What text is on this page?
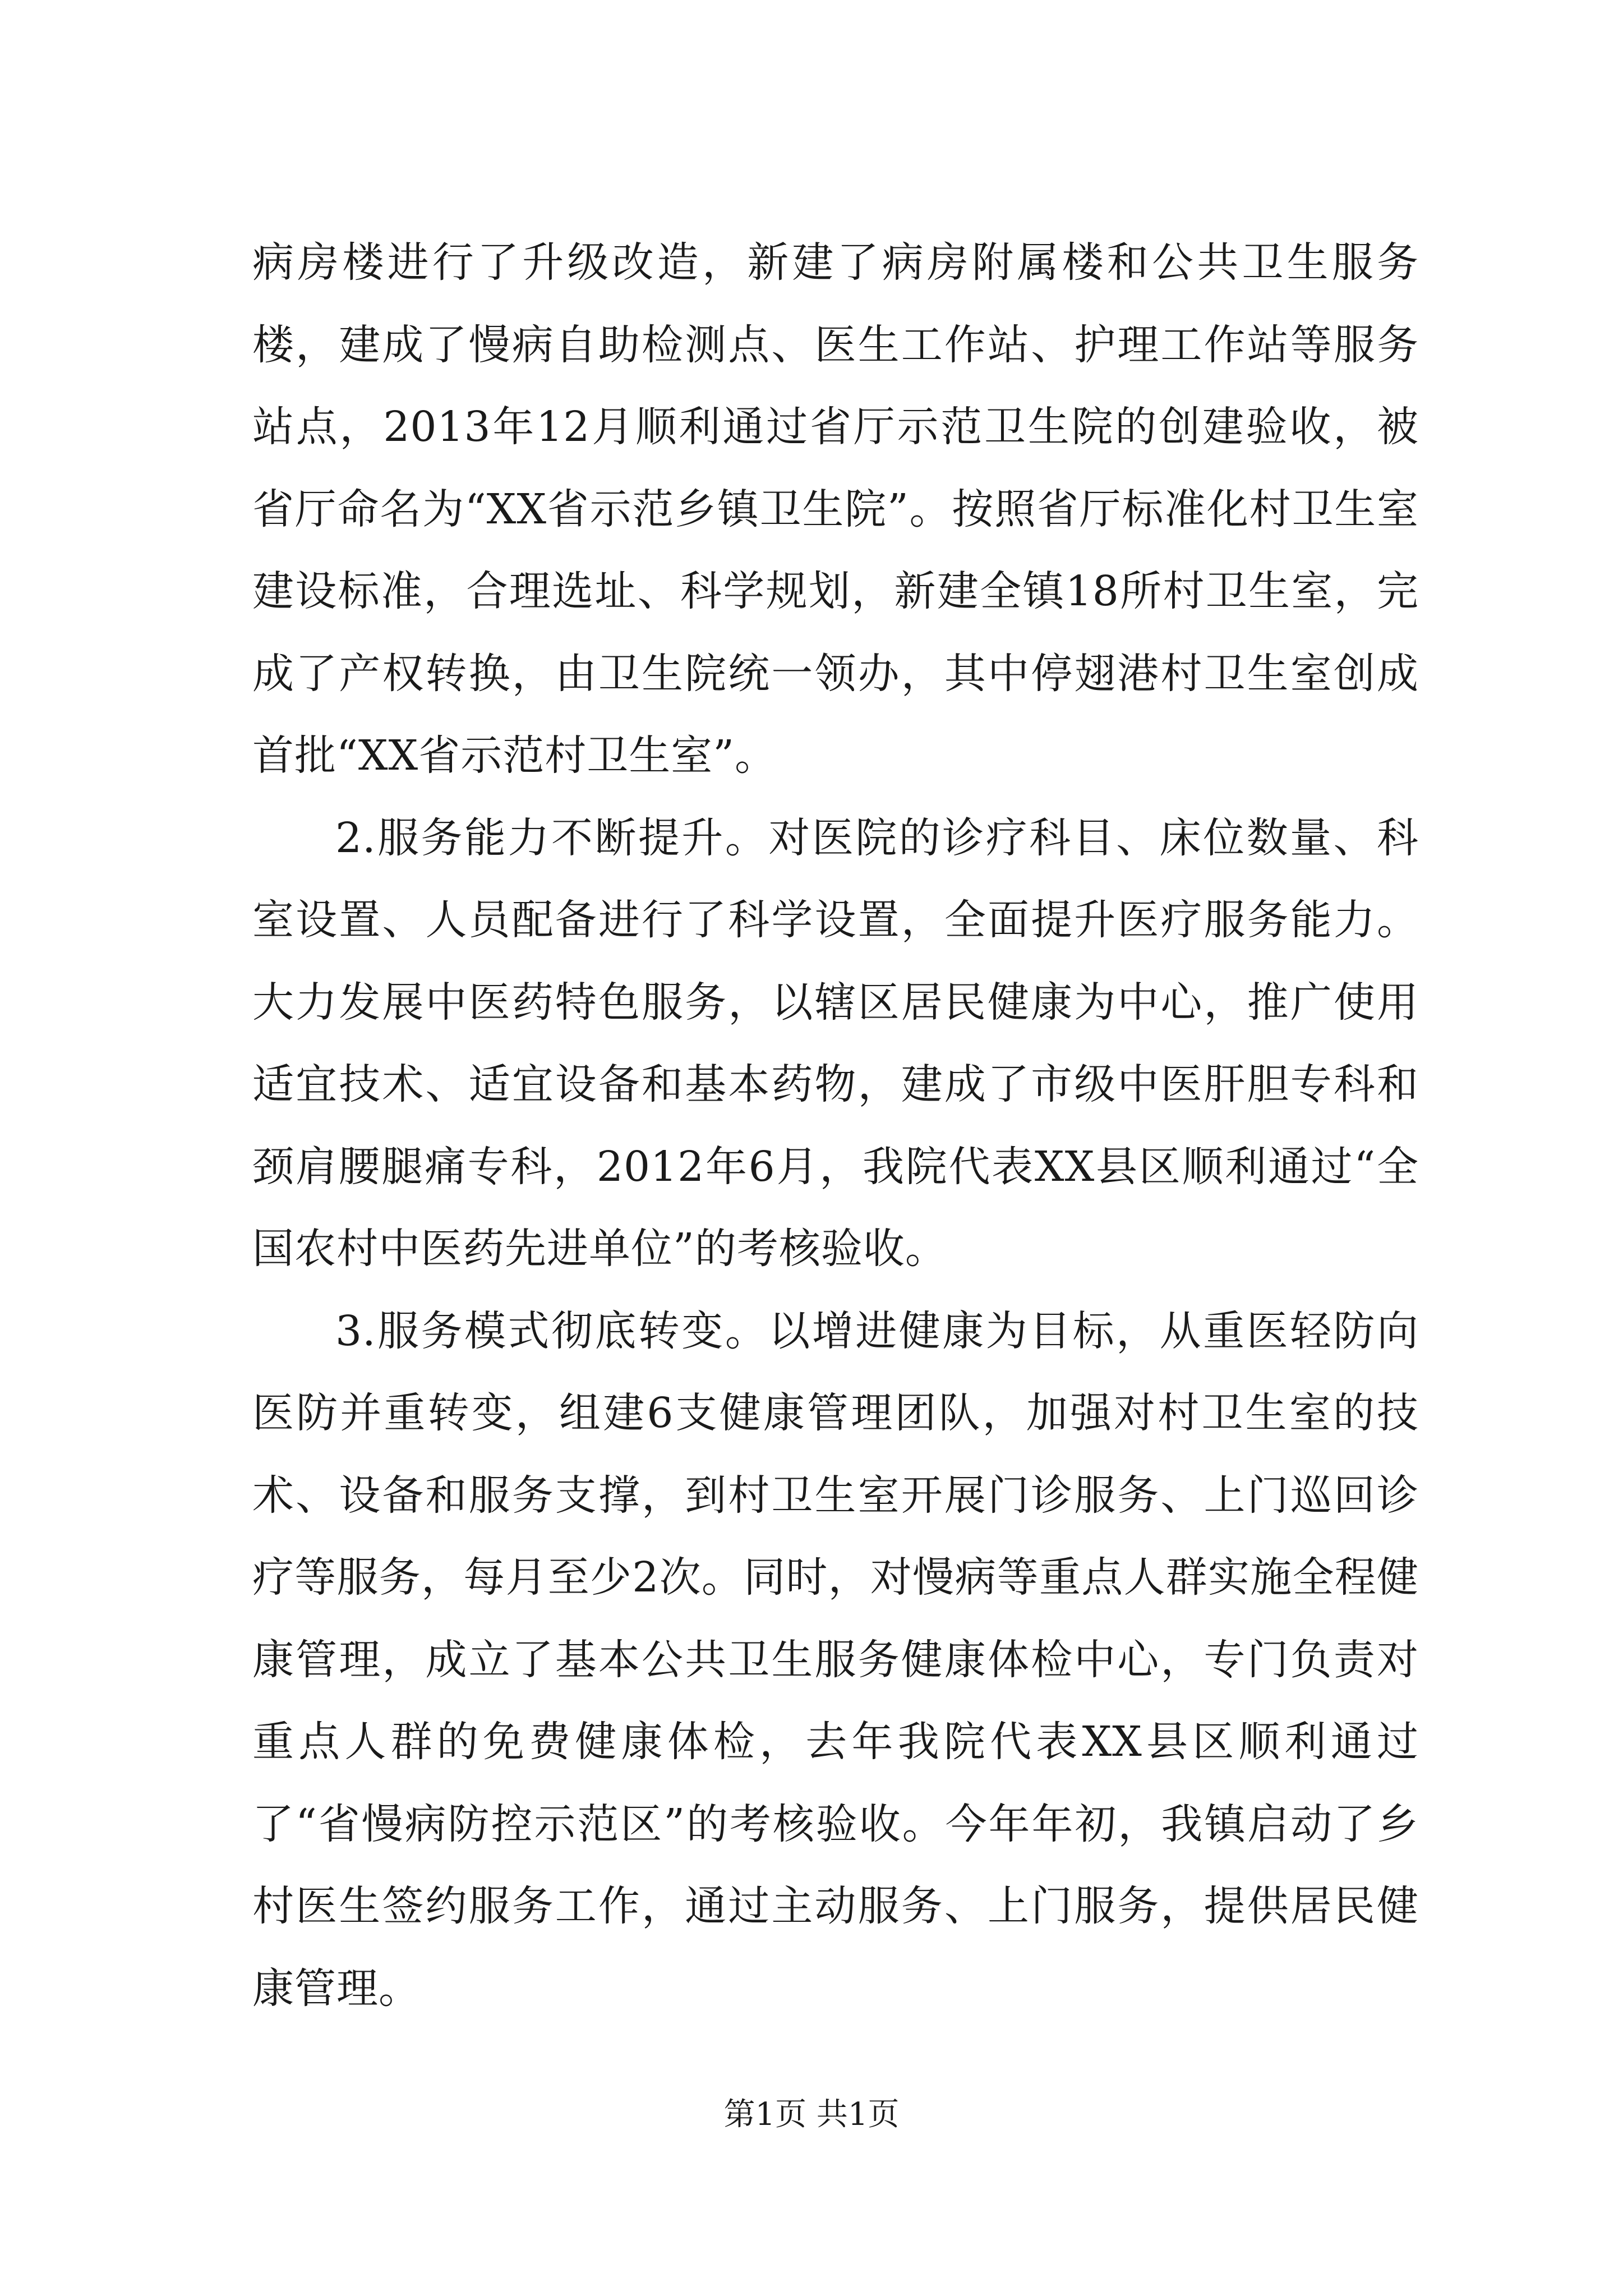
病房楼进行了升级改造，新建了病房附属楼和公共卫生服务楼，建成了慢病自助检测点、医生工作站、护理工作站等服务站点，2013年12月顺利通过省厅示范卫生院的创建验收，被省厅命名为“XX省示范乡镇卫生院”。按照省厅标准化村卫生室建设标准，合理选址、科学规划，新建全镇18所村卫生室，完成了产权转换，由卫生院统一领办，其中停翅港村卫生室创成首批“XX省示范村卫生室”。

2.服务能力不断提升。对医院的诊疗科目、床位数量、科室设置、人员配备进行了科学设置，全面提升医疗服务能力。大力发展中医药特色服务，以辖区居民健康为中心，推广使用适宜技术、适宜设备和基本药物，建成了市级中医肝胆专科和颈肩腰腿痛专科，2012年6月，我院代表XX县区顺利通过“全国农村中医药先进单位”的考核验收。

3.服务模式彻底转变。以增进健康为目标，从重医轻防向医防并重转变，组建6支健康管理团队，加强对村卫生室的技术、设备和服务支撑，到村卫生室开展门诊服务、上门巡回诊疗等服务，每月至少2次。同时，对慢病等重点人群实施全程健康管理，成立了基本公共卫生服务健康体检中心，专门负责对重点人群的免费健康体检，去年我院代表XX县区顺利通过了“省慢病防控示范区”的考核验收。今年年初，我镇启动了乡村医生签约服务工作，通过主动服务、上门服务，提供居民健康管理。

第1页 共1页
